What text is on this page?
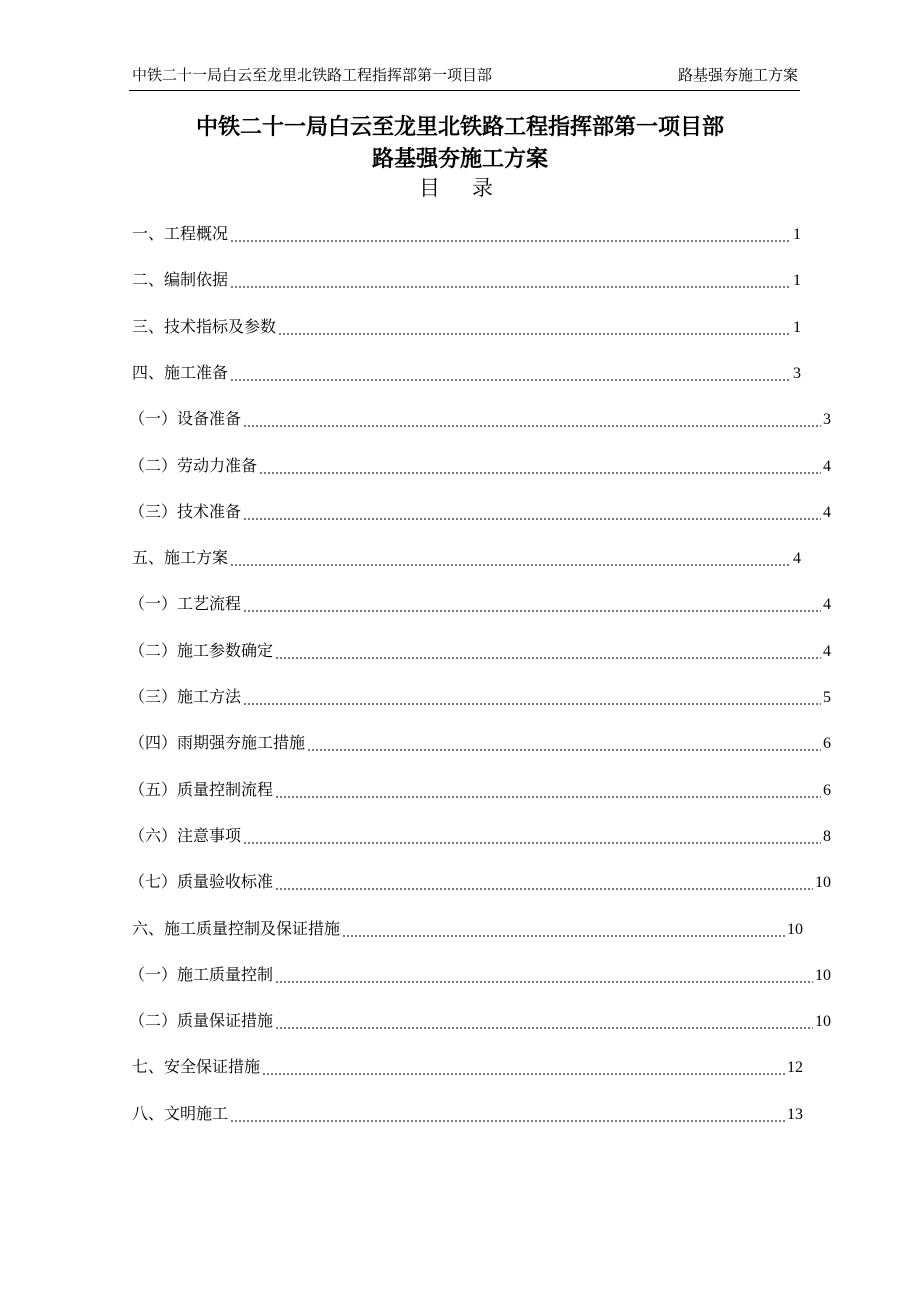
中铁二十一局白云至龙里北铁路工程指挥部第一项目部	路基强夯施工方案
中铁二十一局白云至龙里北铁路工程指挥部第一项目部
路基强夯施工方案
目录
一、工程概况	1
二、编制依据	1
三、技术指标及参数	1
四、施工准备	3
（一）设备准备	3
（二）劳动力准备	4
（三）技术准备	4
五、施工方案	4
（一）工艺流程	4
（二）施工参数确定	4
（三）施工方法	5
（四）雨期强夯施工措施	6
（五）质量控制流程	6
（六）注意事项	8
（七）质量验收标准	10
六、施工质量控制及保证措施	10
（一）施工质量控制	10
（二）质量保证措施	10
七、安全保证措施	12
八、文明施工	13
